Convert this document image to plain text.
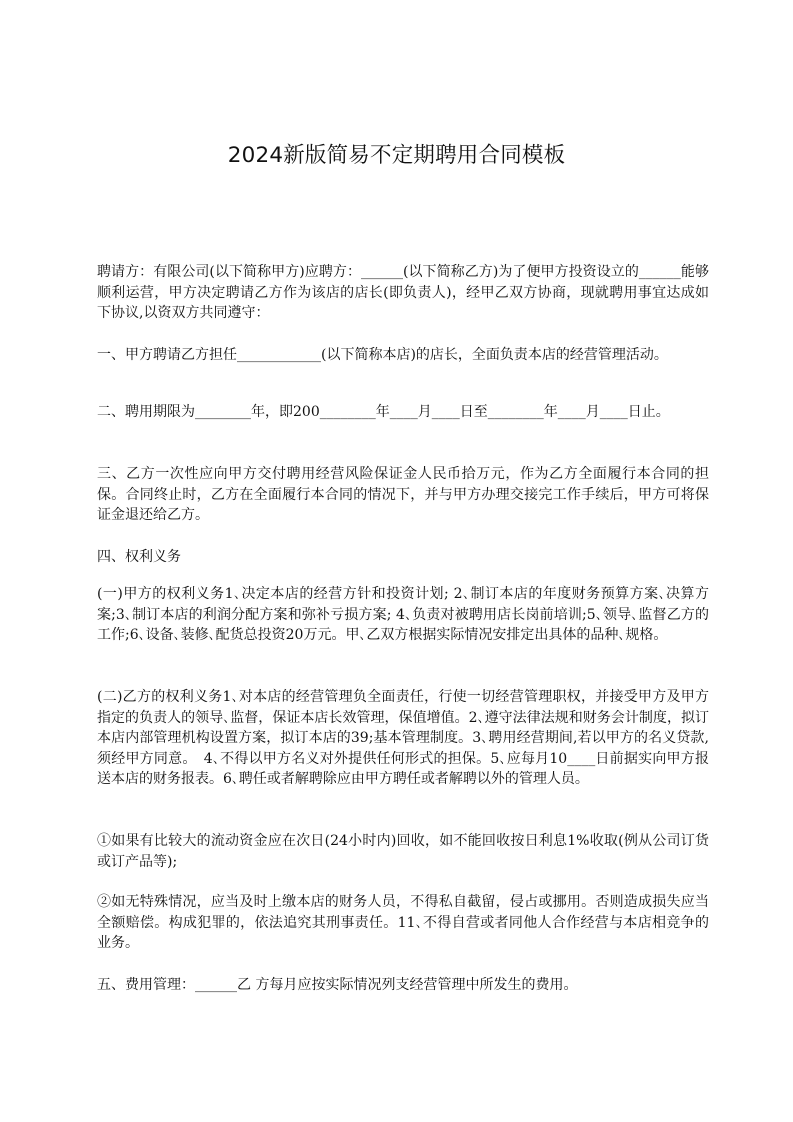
2024新版简易不定期聘用合同模板

聘请方：有限公司(以下简称甲方)应聘方：______(以下简称乙方)为了便甲方投资设立的______能够顺利运营，甲方决定聘请乙方作为该店的店长(即负责人)，经甲乙双方协商，现就聘用事宜达成如下协议,以资双方共同遵守：

一、甲方聘请乙方担任____________(以下简称本店)的店长，全面负责本店的经营管理活动。

二、聘用期限为________年，即200________年____月____日至________年____月____日止。

三、乙方一次性应向甲方交付聘用经营风险保证金人民币拾万元，作为乙方全面履行本合同的担保。合同终止时，乙方在全面履行本合同的情况下，并与甲方办理交接完工作手续后，甲方可将保证金退还给乙方。

四、权利义务

(一)甲方的权利义务1､决定本店的经营方针和投资计划; 2､制订本店的年度财务预算方案､决算方案;3､制订本店的利润分配方案和弥补亏损方案; 4､负责对被聘用店长岗前培训;5､领导､监督乙方的工作;6､设备､装修､配货总投资20万元。甲､乙双方根据实际情况安排定出具体的品种､规格。

(二)乙方的权利义务1､对本店的经营管理负全面责任，行使一切经营管理职权，并接受甲方及甲方指定的负责人的领导､监督，保证本店长效管理，保值增值。2､遵守法律法规和财务会计制度，拟订本店内部管理机构设置方案，拟订本店的39;基本管理制度。3､聘用经营期间,若以甲方的名义贷款,须经甲方同意。　4､不得以甲方名义对外提供任何形式的担保。5､应每月10____日前据实向甲方报送本店的财务报表。6､聘任或者解聘除应由甲方聘任或者解聘以外的管理人员。

①如果有比较大的流动资金应在次日(24小时内)回收，如不能回收按日利息1%收取(例从公司订货或订产品等);

②如无特殊情况，应当及时上缴本店的财务人员，不得私自截留，侵占或挪用。否则造成损失应当全额赔偿。构成犯罪的，依法追究其刑事责任。11､不得自营或者同他人合作经营与本店相竞争的业务。

五、费用管理：______乙 方每月应按实际情况列支经营管理中所发生的费用。
